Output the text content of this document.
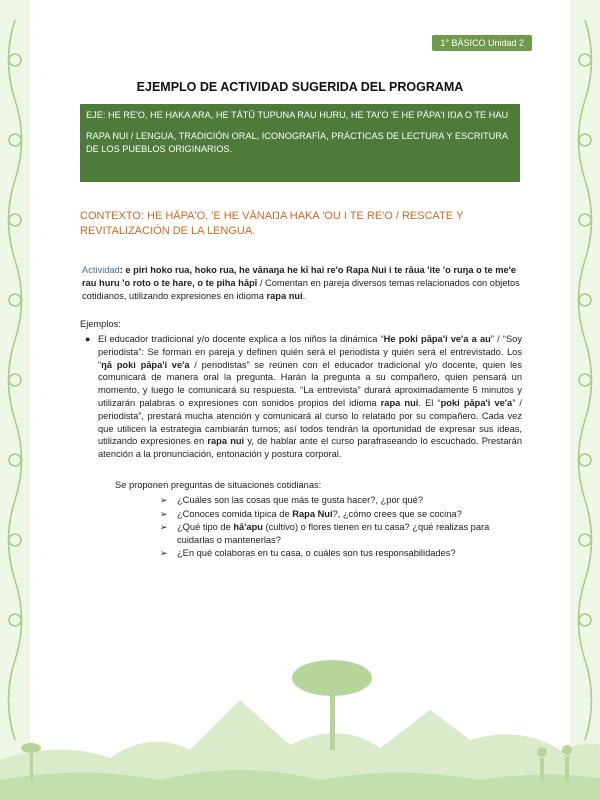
1° BÁSICO Unidad 2
EJEMPLO DE ACTIVIDAD SUGERIDA DEL PROGRAMA

EJE: HE RE'O, HE HAKA ARA, HE TĀTŪ TUPUNA RAU HURU, HE TAI'O 'E HE PĀPA'I IŊA O TE HAU

RAPA NUI / LENGUA, TRADICIÓN ORAL, ICONOGRAFÍA, PRÁCTICAS DE LECTURA Y ESCRITURA DE LOS PUEBLOS ORIGINARIOS.

CONTEXTO: HE HĀPA'O, 'E HE VĀNAŊA HAKA 'OU I TE RE'O / RESCATE Y REVITALIZACIÓN DE LA LENGUA.
Actividad: e piri hoko rua, hoko rua, he vānaŋa he kī hai re'o Rapa Nui i te rāua 'ite 'o ruŋa o te me'e rau huru 'o roto o te hare, o te piha hāpī / Comentan en pareja diversos temas relacionados con objetos cotidianos, utilizando expresiones en idioma rapa nui.
Ejemplos:
● El educador tradicional y/o docente explica a los niños la dinámica “He poki pāpa'i ve'a a au” / “Soy periodista”: Se forman en pareja y definen quién será el periodista y quién será el entrevistado. Los “ŋā poki pāpa'i ve'a / periodistas” se reúnen con el educador tradicional y/o docente, quien les comunicará de manera oral la pregunta. Harán la pregunta a su compañero, quien pensará un momento, y luego le comunicará su respuesta. “La entrevista” durará aproximadamente 5 minutos y utilizarán palabras o expresiones con sonidos propios del idioma rapa nui. El “poki pāpa'i ve'a” / periodista”, prestará mucha atención y comunicará al curso lo relatado por su compañero. Cada vez que utilicen la estrategia cambiarán turnos; así todos tendrán la oportunidad de expresar sus ideas, utilizando expresiones en rapa nui y, de hablar ante el curso parafraseando lo escuchado. Prestarán atención a la pronunciación, entonación y postura corporal.
Se proponen preguntas de situaciones cotidianas:
➢ ¿Cuáles son las cosas que más te gusta hacer?, ¿por qué?
➢ ¿Conoces comida típica de Rapa Nui?, ¿cómo crees que se cocina?
➢ ¿Qué tipo de hā'apu (cultivo) o flores tienen en tu casa? ¿qué realizas para cuidarlas o mantenerlas?
➢ ¿En qué colaboras en tu casa, o cuáles son tus responsabilidades?
